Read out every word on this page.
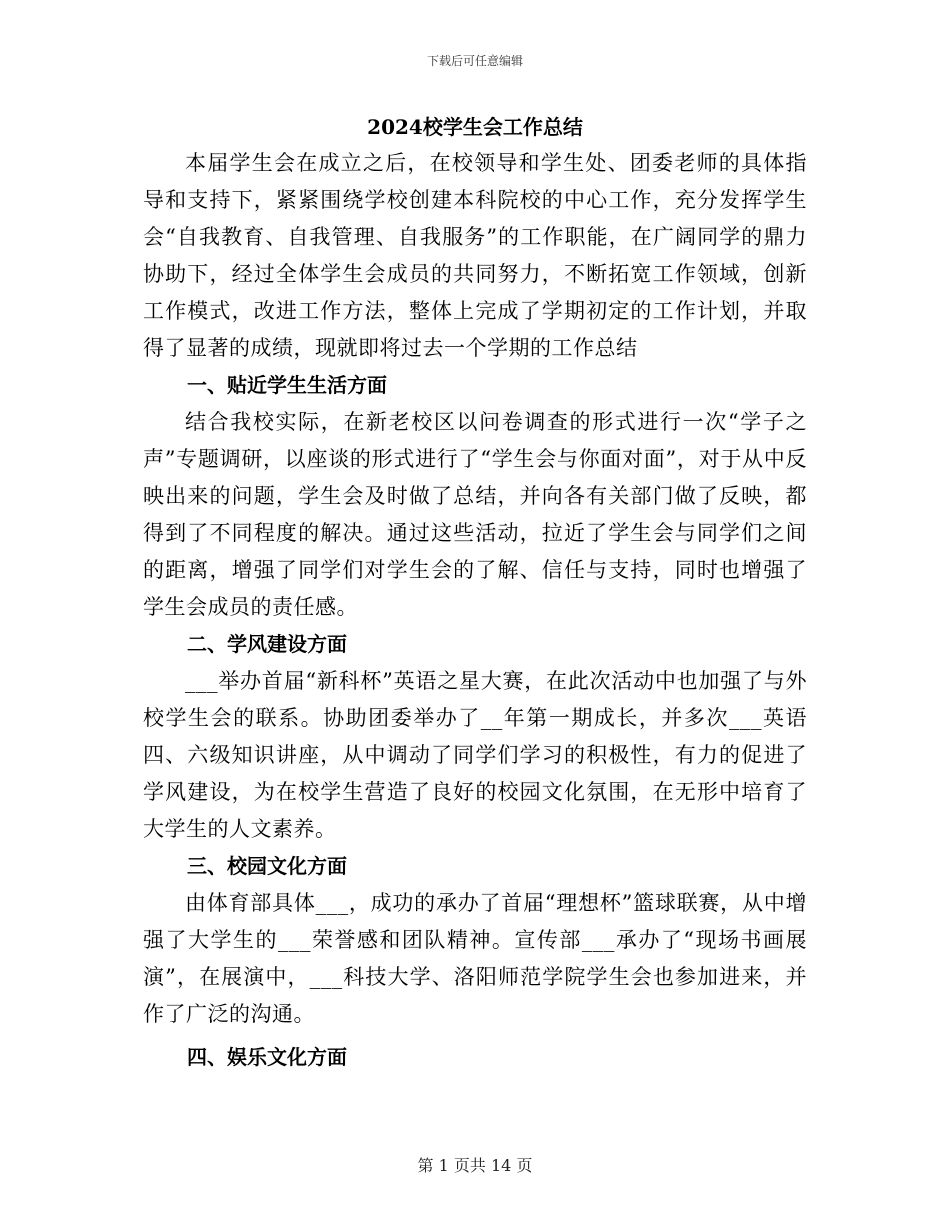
下载后可任意编辑
2024校学生会工作总结

本届学生会在成立之后，在校领导和学生处、团委老师的具体指导和支持下，紧紧围绕学校创建本科院校的中心工作，充分发挥学生会“自我教育、自我管理、自我服务”的工作职能，在广阔同学的鼎力协助下，经过全体学生会成员的共同努力，不断拓宽工作领域，创新工作模式，改进工作方法，整体上完成了学期初定的工作计划，并取得了显著的成绩，现就即将过去一个学期的工作总结

一、贴近学生生活方面

结合我校实际，在新老校区以问卷调查的形式进行一次“学子之声”专题调研，以座谈的形式进行了“学生会与你面对面”，对于从中反映出来的问题，学生会及时做了总结，并向各有关部门做了反映，都得到了不同程度的解决。通过这些活动，拉近了学生会与同学们之间的距离，增强了同学们对学生会的了解、信任与支持，同时也增强了学生会成员的责任感。

二、学风建设方面

___举办首届“新科杯”英语之星大赛，在此次活动中也加强了与外校学生会的联系。协助团委举办了__年第一期成长，并多次___英语四、六级知识讲座，从中调动了同学们学习的积极性，有力的促进了学风建设，为在校学生营造了良好的校园文化氛围，在无形中培育了大学生的人文素养。

三、校园文化方面

由体育部具体___，成功的承办了首届“理想杯”篮球联赛，从中增强了大学生的___荣誉感和团队精神。宣传部___承办了“现场书画展演”，在展演中，___科技大学、洛阳师范学院学生会也参加进来，并作了广泛的沟通。

四、娱乐文化方面

第 1 页共 14 页
